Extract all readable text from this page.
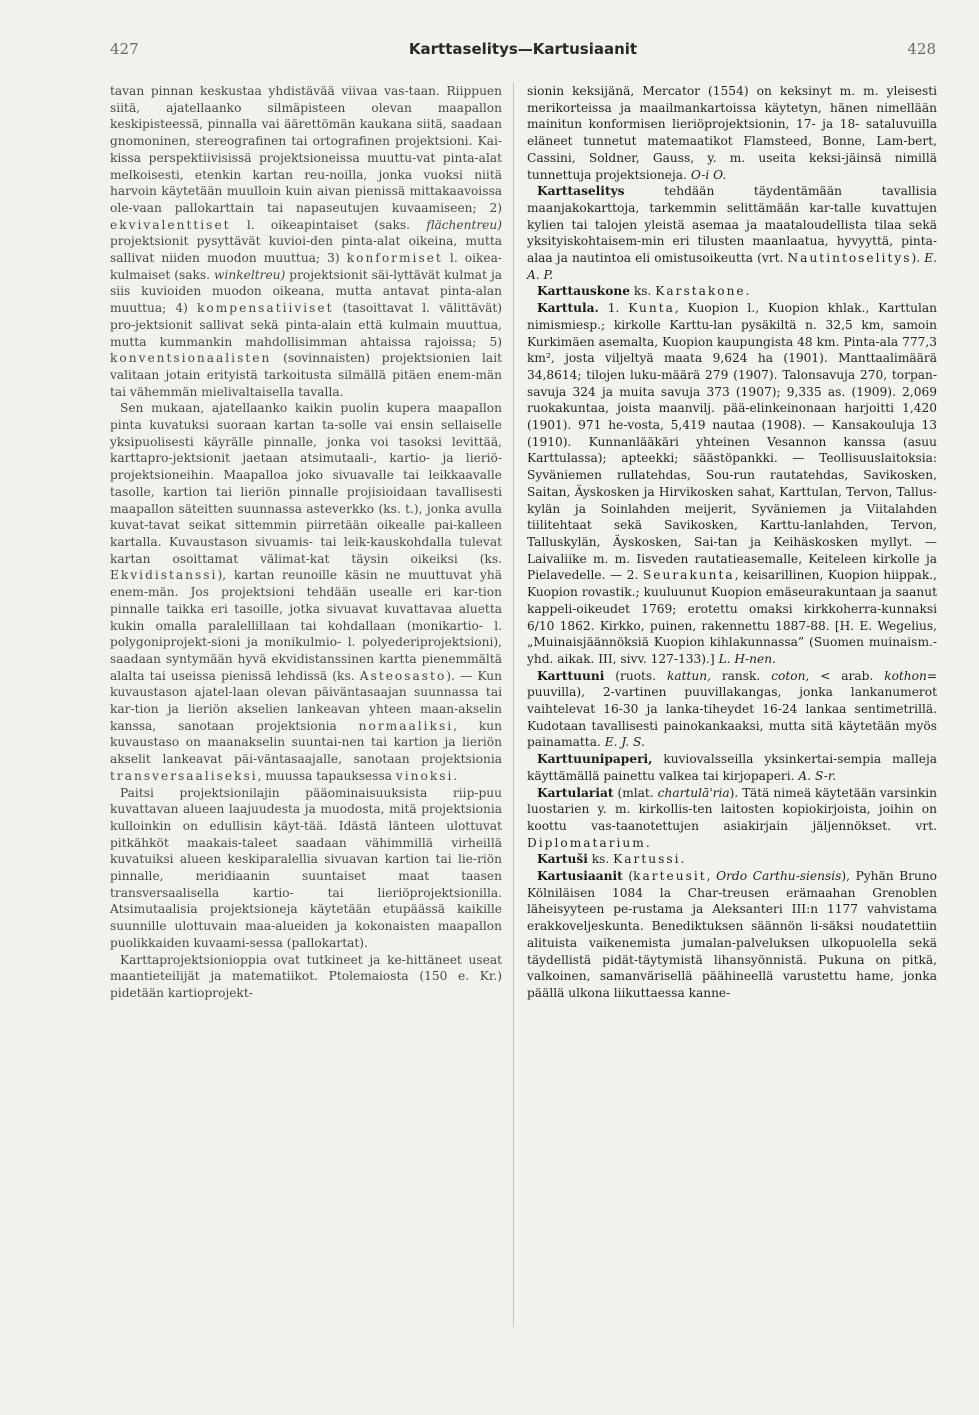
427	Karttaselitys—Kartusiaanit	428

tavan pinnan keskustaa yhdistävää viivaa vas-taan. Riippuen siitä, ajatellaanko silmäpisteen olevan maapallon keskipisteessä, pinnalla vai äärettömän kaukana siitä, saadaan gnomoninen, stereografinen tai ortografinen projektsioni. Kai-kissa perspektiivisissä projektsioneissa muuttu-vat pinta-alat melkoisesti, etenkin kartan reu-noilla, jonka vuoksi niitä harvoin käytetään muulloin kuin aivan pienissä mittakaavoissa ole-vaan pallokarttain tai napaseutujen kuvaamiseen; 2) ekvivalenttiset l. oikeapintaiset (saks. flächentreu) projektsionit pysyttävät kuvioi-den pinta-alat oikeina, mutta sallivat niiden muodon muuttua; 3) konformiset l. oikea-kulmaiset (saks. winkeltreu) projektsionit säi-lyttävät kulmat ja siis kuvioiden muodon oikeana, mutta antavat pinta-alan muuttua; 4) kompensatiiviset (tasoittavat l. välittävät) pro-jektsionit sallivat sekä pinta-alain että kulmain muuttua, mutta kummankin mahdollisimman ahtaissa rajoissa; 5) konventsionaalisten (sovinnaisten) projektsionien lait valitaan jotain erityistä tarkoitusta silmällä pitäen enem-män tai vähemmän mielivaltaisella tavalla.

Sen mukaan, ajatellaanko kaikin puolin kupera maapallon pinta kuvatuksi suoraan kartan ta-solle vai ensin sellaiselle yksipuolisesti käyrälle pinnalle, jonka voi tasoksi levittää, karttapro-jektsionit jaetaan atsimutaali-, kartio- ja lieriö-projektsioneihin. Maapalloa joko sivuavalle tai leikkaavalle tasolle, kartion tai lieriön pinnalle projisioidaan tavallisesti maapallon säteitten suunnassa asteverkko (ks. t.), jonka avulla kuvat-tavat seikat sittemmin piirretään oikealle pai-kalleen kartalla. Kuvaustason sivuamis- tai leik-kauskohdalla tulevat kartan osoittamat välimat-kat täysin oikeiksi (ks. Ekvidistanssi), kartan reunoille käsin ne muuttuvat yhä enem-män. Jos projektsioni tehdään usealle eri kar-tion pinnalle taikka eri tasoille, jotka sivuavat kuvattavaa aluetta kukin omalla paralellillaan tai kohdallaan (monikartio- l. polygoniprojekt-sioni ja monikulmio- l. polyederiprojektsioni), saadaan syntymään hyvä ekvidistanssinen kartta pienemmältä alalta tai useissa pienissä lehdissä (ks. Asteosasto). — Kun kuvaustason ajatel-laan olevan päiväntasaajan suunnassa tai kar-tion ja lieriön akselien lankeavan yhteen maan-akselin kanssa, sanotaan projektsionia normaaliksi, kun kuvaustaso on maanakselin suuntai-nen tai kartion ja lieriön akselit lankeavat päi-väntasaajalle, sanotaan projektsionia transversaaliseksi, muussa tapauksessa vinoksi.

Paitsi projektsionilajin pääominaisuuksista riip-puu kuvattavan alueen laajuudesta ja muodosta, mitä projektsionia kulloinkin on edullisin käyt-tää. Idästä länteen ulottuvat pitkähköt maakais-taleet saadaan vähimmillä virheillä kuvatuiksi alueen keskiparalellia sivuavan kartion tai lie-riön pinnalle, meridiaanin suuntaiset maat taasen transversaalisella kartio- tai lieriöprojektsionilla. Atsimutaalisia projektsioneja käytetään etupäässä kaikille suunnille ulottuvain maa-alueiden ja kokonaisten maapallon puolikkaiden kuvaami-sessa (pallokartat).

Karttaprojektsionioppia ovat tutkineet ja ke-hittäneet useat maantieteilijät ja matematiikot. Ptolemaiosta (150 e. Kr.) pidetään kartioprojekt-

sionin keksijänä, Mercator (1554) on keksinyt m. m. yleisesti merikorteissa ja maailmankartoissa käytetyn, hänen nimellään mainitun konformisen lieriöprojektsionin, 17- ja 18- sataluvuilla eläneet tunnetut matemaatikot Flamsteed, Bonne, Lam-bert, Cassini, Soldner, Gauss, y. m. useita keksi-jäinsä nimillä tunnettuja projektsioneja. O-i O.

Karttaselitys	tehdään täydentämään tavallisia maanjakokarttoja, tarkemmin selittämään kar-talle kuvattujen kylien tai talojen yleistä asemaa ja maataloudellista tilaa sekä yksityiskohtaisem-min eri tilusten maanlaatua, hyvyyttä, pinta-alaa ja nautintoa eli omistusoikeutta (vrt. Nautintoselitys). E. A. P.

Karttauskone ks. Karstakone.

Karttula. 1. Kunta, Kuopion l., Kuopion khlak., Karttulan nimismiesp.; kirkolle Karttu-lan pysäkiltä n. 32,5 km, samoin Kurkimäen asemalta, Kuopion kaupungista 48 km. Pinta-ala 777,3 km², josta viljeltyä maata 9,624 ha (1901). Manttaalimäärä 34,8614; tilojen luku-määrä 279 (1907). Talonsavuja 270, torpan-savuja 324 ja muita savuja 373 (1907); 9,335 as. (1909). 2,069 ruokakuntaa, joista maanvilj. pää-elinkeinonaan harjoitti 1,420 (1901). 971 he-vosta, 5,419 nautaa (1908). — Kansakouluja 13 (1910). Kunnanlääkäri yhteinen Vesannon kanssa (asuu Karttulassa); apteekki; säästöpankki. — Teollisuuslaitoksia: Syväniemen rullatehdas, Sou-run rautatehdas, Savikosken, Saitan, Äyskosken ja Hirvikosken sahat, Karttulan, Tervon, Tallus-kylän ja Soinlahden meijerit, Syväniemen ja Viitalahden tiilitehtaat sekä Savikosken, Karttu-lanlahden, Tervon, Talluskylän, Äyskosken, Sai-tan ja Keihäskosken myllyt. — Laivaliike m. m. Iisveden rautatieasemalle, Keiteleen kirkolle ja Pielavedelle. — 2. Seurakunta, keisarillinen, Kuopion hiippak., Kuopion rovastik.; kuuluunut Kuopion emäseurakuntaan ja saanut kappeli-oikeudet 1769; erotettu omaksi kirkkoherra-kunnaksi 6/10 1862. Kirkko, puinen, rakennettu 1887-88. [H. E. Wegelius, „Muinaisjäännöksiä Kuopion kihlakunnassa” (Suomen muinaism.-yhd. aikak. III, sivv. 127-133).] L. H-nen.

Karttuuni (ruots. kattun, ransk. coton, < arab. kothon= puuvilla), 2-vartinen puuvillakangas, jonka lankanumerot vaihtelevat 16-30 ja lanka-tiheydet 16-24 lankaa sentimetrillä. Kudotaan tavallisesti painokankaaksi, mutta sitä käytetään myös painamatta. E. J. S.

Karttuunipaperi, kuviovalsseilla yksinkertai-sempia malleja käyttämällä painettu valkea tai kirjopaperi. A. S-r.

Kartulariat (mlat. chartulā'ria). Tätä nimeä käytetään varsinkin luostarien y. m. kirkollis-ten laitosten kopiokirjoista, joihin on koottu vas-taanotettujen asiakirjain jäljennökset. vrt. Diplomatarium.

Kartuši ks. Kartussi.

Kartusiaanit (karteusit, Ordo Carthu-siensis), Pyhän Bruno Kölniläisen 1084 la Char-treusen erämaahan Grenoblen läheisyyteen pe-rustama ja Aleksanteri III:n 1177 vahvistama erakkoveljeskunta. Benediktuksen säännön li-säksi noudatettiin alituista vaikenemista jumalan-palveluksen ulkopuolella sekä täydellistä pidät-täytymistä lihansyönnistä. Pukuna on pitkä, valkoinen, samanvärisellä päähineellä varustettu hame, jonka päällä ulkona liikuttaessa kanne-
